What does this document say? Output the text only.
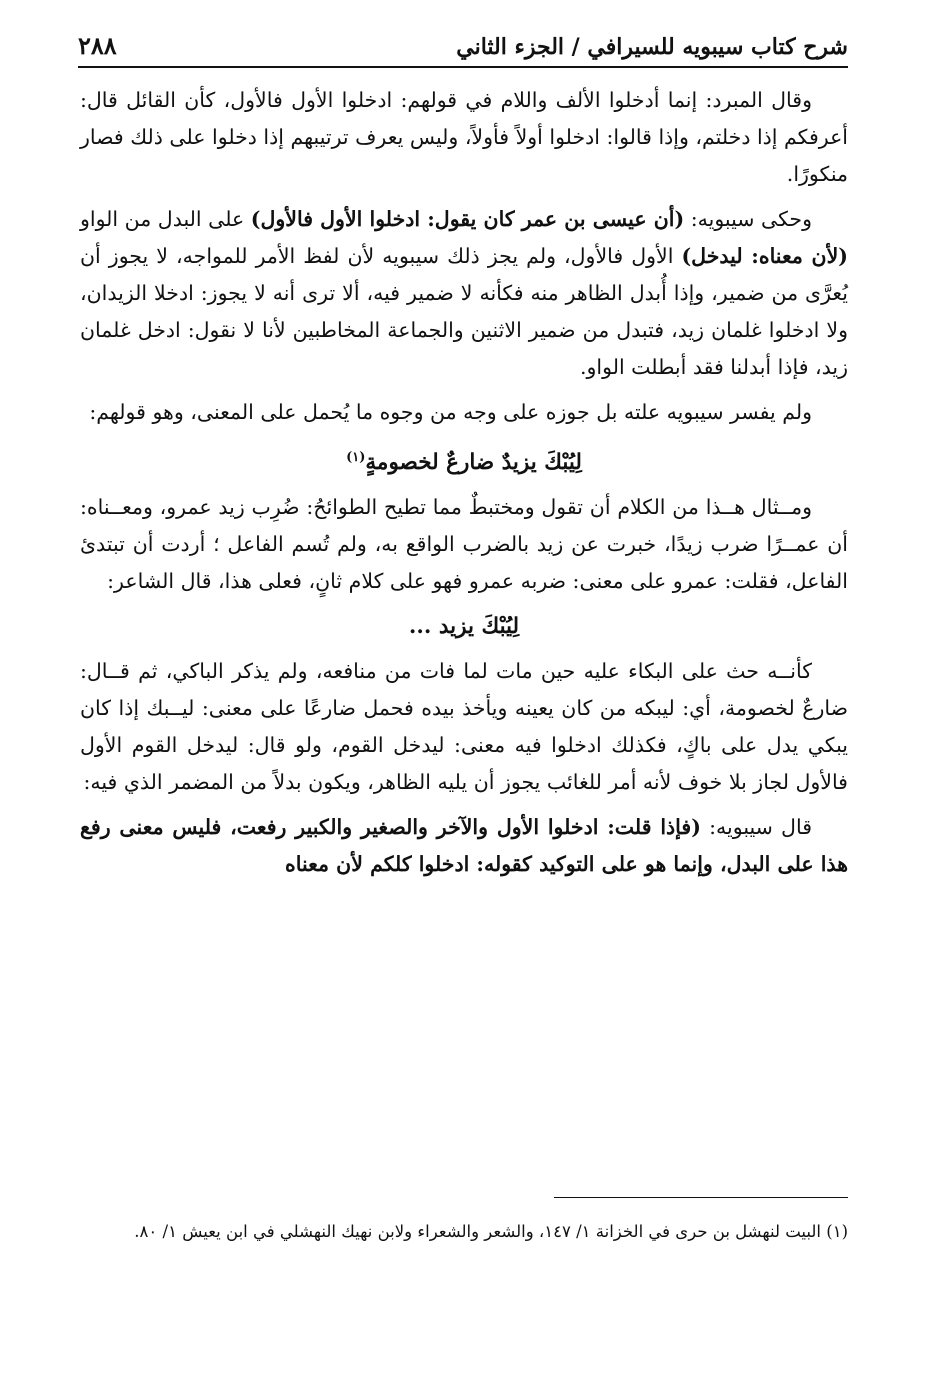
٢٨٨	شرح كتاب سيبويه للسيرافي / الجزء الثاني

وقال المبرد: إنما أدخلوا الألف واللام في قولهم: ادخلوا الأول فالأول، كأن القائل قال: أعرفكم إذا دخلتم، وإذا قالوا: ادخلوا أولاً فأولاً، وليس يعرف ترتيبهم إذا دخلوا على ذلك فصار منكورًا.

وحكى سيبويه: (أن عيسى بن عمر كان يقول: ادخلوا الأول فالأول) على البدل من الواو (لأن معناه: ليدخل) الأول فالأول، ولم يجز ذلك سيبويه لأن لفظ الأمر للمواجه، لا يجوز أن يُعرَّى من ضمير، وإذا أُبدل الظاهر منه فكأنه لا ضمير فيه، ألا ترى أنه لا يجوز: ادخلا الزيدان، ولا ادخلوا غلمان زيد، فتبدل من ضمير الاثنين والجماعة المخاطبين لأنا لا نقول: ادخل غلمان زيد، فإذا أبدلنا فقد أبطلت الواو.

ولم يفسر سيبويه علته بل جوزه على وجه من وجوه ما يُحمل على المعنى، وهو قولهم:

لِيُبْكَ يزيدٌ ضارعٌ لخصومةٍ$^{(١)}$

ومــثال هــذا من الكلام أن تقول ومختبطٌ مما تطيح الطوائحُ: ضُرِب زيد عمرو، ومعــناه: أن عمــرًا ضرب زيدًا، خبرت عن زيد بالضرب الواقع به، ولم تُسم الفاعل ؛ أردت أن تبتدئ الفاعل، فقلت: عمرو على معنى: ضربه عمرو فهو على كلام ثانٍ، فعلى هذا، قال الشاعر:

لِيُبْكَ يزيد ...

كأنــه حث على البكاء عليه حين مات لما فات من منافعه، ولم يذكر الباكي، ثم قــال: ضارعٌ لخصومة، أي: ليبكه من كان يعينه ويأخذ بيده فحمل ضارعًا على معنى: ليــبك إذا كان يبكي يدل على باكٍ، فكذلك ادخلوا فيه معنى: ليدخل القوم، ولو قال: ليدخل القوم الأول فالأول لجاز بلا خوف لأنه أمر للغائب يجوز أن يليه الظاهر، ويكون بدلاً من المضمر الذي فيه:

قال سيبويه: (فإذا قلت: ادخلوا الأول والآخر والصغير والكبير رفعت، فليس معنى رفع هذا على البدل، وإنما هو على التوكيد كقوله: ادخلوا كلكم لأن معناه

(١) البيت لنهشل بن حرى في الخزانة ١/ ١٤٧، والشعر والشعراء ولابن نهيك النهشلي في ابن يعيش ١/ ٨٠.
